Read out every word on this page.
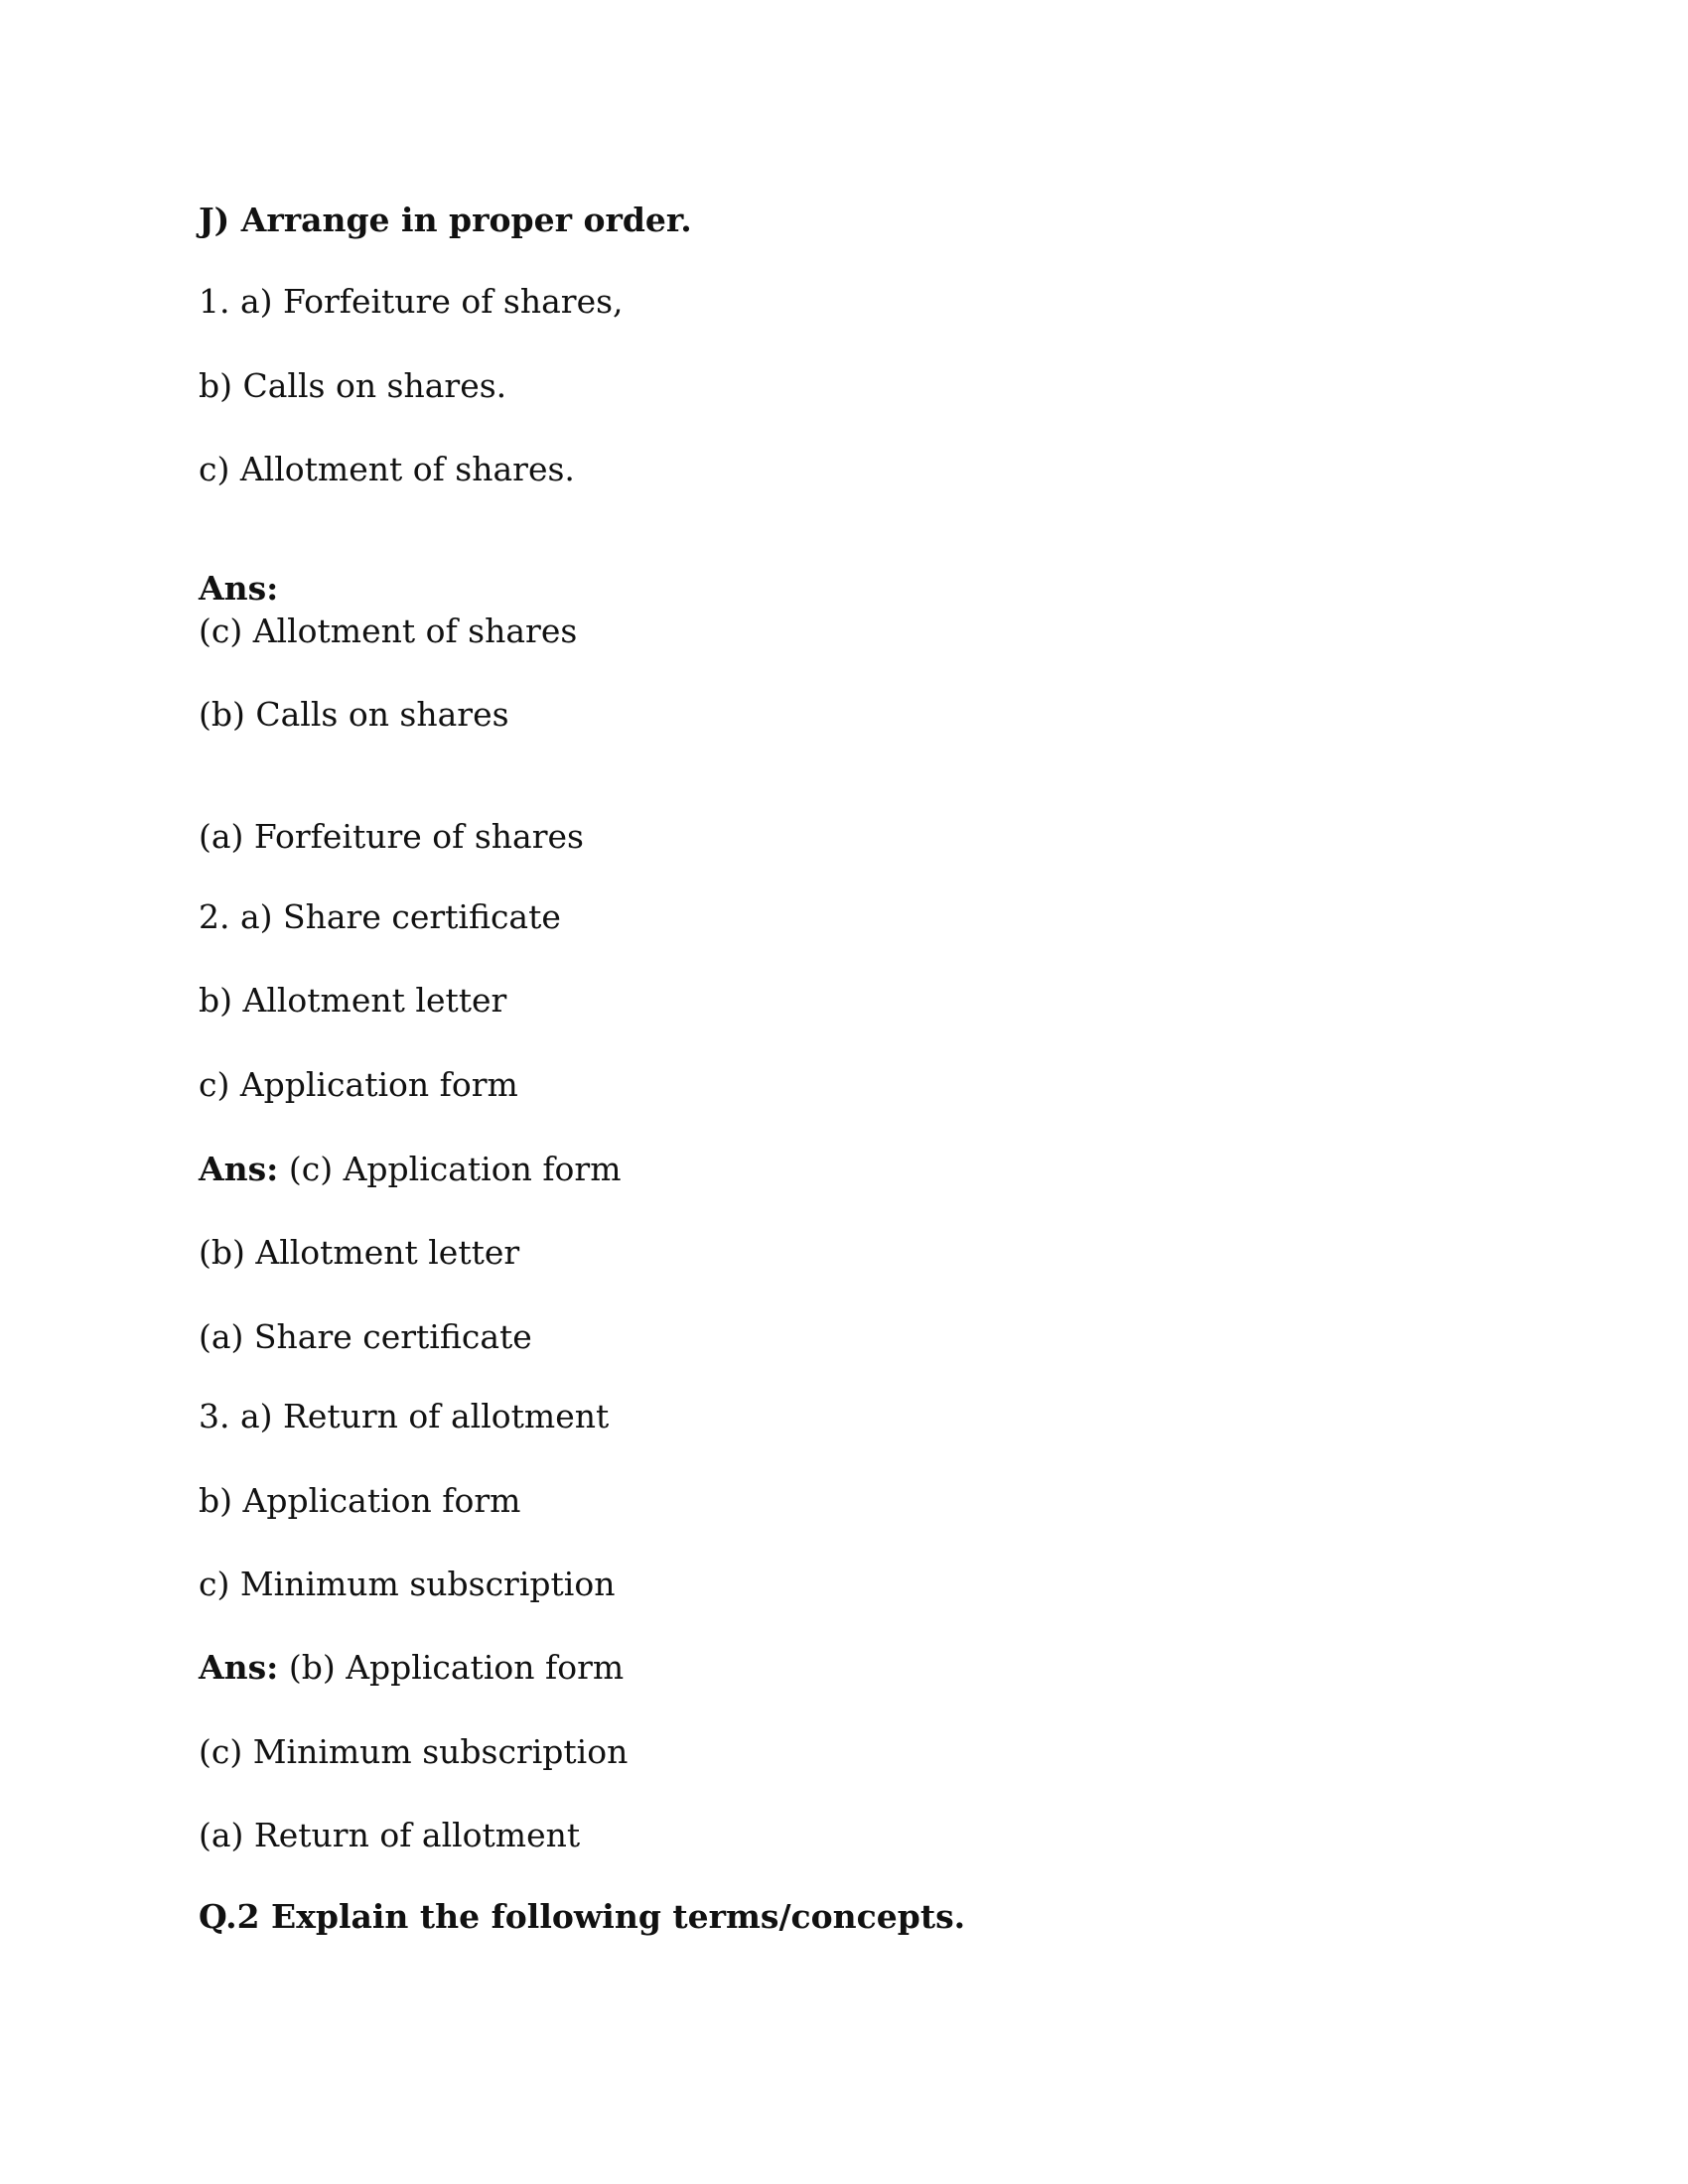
J) Arrange in proper order.

1. a) Forfeiture of shares,

b) Calls on shares.

c) Allotment of shares.

Ans:

(c) Allotment of shares

(b) Calls on shares

(a) Forfeiture of shares

2. a) Share certificate

b) Allotment letter

c) Application form

Ans: (c) Application form

(b) Allotment letter

(a) Share certificate

3. a) Return of allotment

b) Application form

c) Minimum subscription

Ans: (b) Application form

(c) Minimum subscription

(a) Return of allotment

Q.2 Explain the following terms/concepts.
